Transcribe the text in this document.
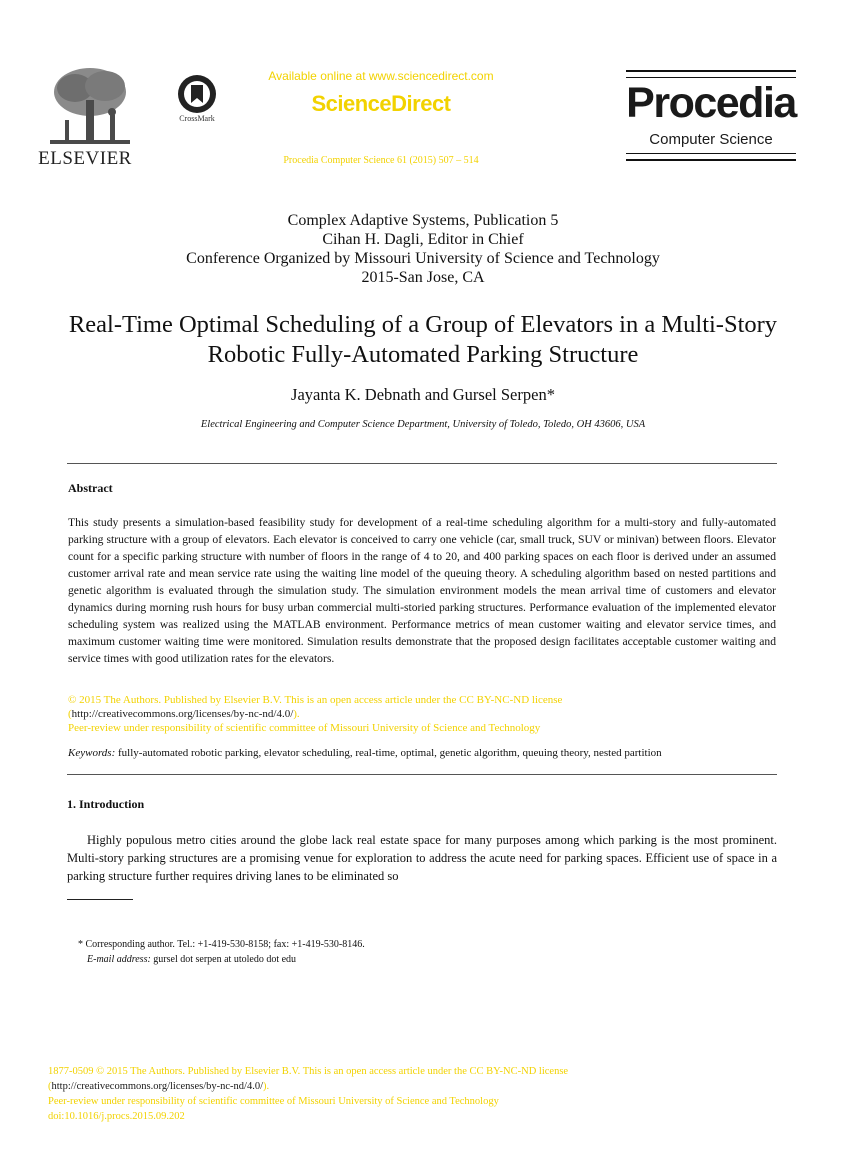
ELSEVIER
CrossMark
Available online at www.sciencedirect.com
ScienceDirect
Procedia Computer Science 61 (2015) 507 – 514
Procedia
Computer Science
Complex Adaptive Systems, Publication 5
Cihan H. Dagli, Editor in Chief
Conference Organized by Missouri University of Science and Technology
2015-San Jose, CA
Real-Time Optimal Scheduling of a Group of Elevators in a Multi-Story Robotic Fully-Automated Parking Structure
Jayanta K. Debnath and Gursel Serpen*
Electrical Engineering and Computer Science Department, University of Toledo, Toledo, OH 43606, USA
Abstract
This study presents a simulation-based feasibility study for development of a real-time scheduling algorithm for a multi-story and fully-automated parking structure with a group of elevators. Each elevator is conceived to carry one vehicle (car, small truck, SUV or minivan) between floors. Elevator count for a specific parking structure with number of floors in the range of 4 to 20, and 400 parking spaces on each floor is derived under an assumed customer arrival rate and mean service rate using the waiting line model of the queuing theory. A scheduling algorithm based on nested partitions and genetic algorithm is evaluated through the simulation study. The simulation environment models the mean arrival time of customers and elevator dynamics during morning rush hours for busy urban commercial multi-storied parking structures. Performance evaluation of the implemented elevator scheduling system was realized using the MATLAB environment. Performance metrics of mean customer waiting and elevator service times, and maximum customer waiting time were monitored. Simulation results demonstrate that the proposed design facilitates acceptable customer waiting and service times with good utilization rates for the elevators.
© 2015 The Authors. Published by Elsevier B.V. This is an open access article under the CC BY-NC-ND license
(http://creativecommons.org/licenses/by-nc-nd/4.0/).
Peer-review under responsibility of scientific committee of Missouri University of Science and Technology
Keywords: fully-automated robotic parking, elevator scheduling, real-time, optimal, genetic algorithm, queuing theory, nested partition
1. Introduction
Highly populous metro cities around the globe lack real estate space for many purposes among which parking is the most prominent. Multi-story parking structures are a promising venue for exploration to address the acute need for parking spaces. Efficient use of space in a parking structure further requires driving lanes to be eliminated so
* Corresponding author. Tel.: +1-419-530-8158; fax: +1-419-530-8146.
E-mail address: gursel dot serpen at utoledo dot edu
1877-0509 © 2015 The Authors. Published by Elsevier B.V. This is an open access article under the CC BY-NC-ND license
(http://creativecommons.org/licenses/by-nc-nd/4.0/).
Peer-review under responsibility of scientific committee of Missouri University of Science and Technology
doi:10.1016/j.procs.2015.09.202
